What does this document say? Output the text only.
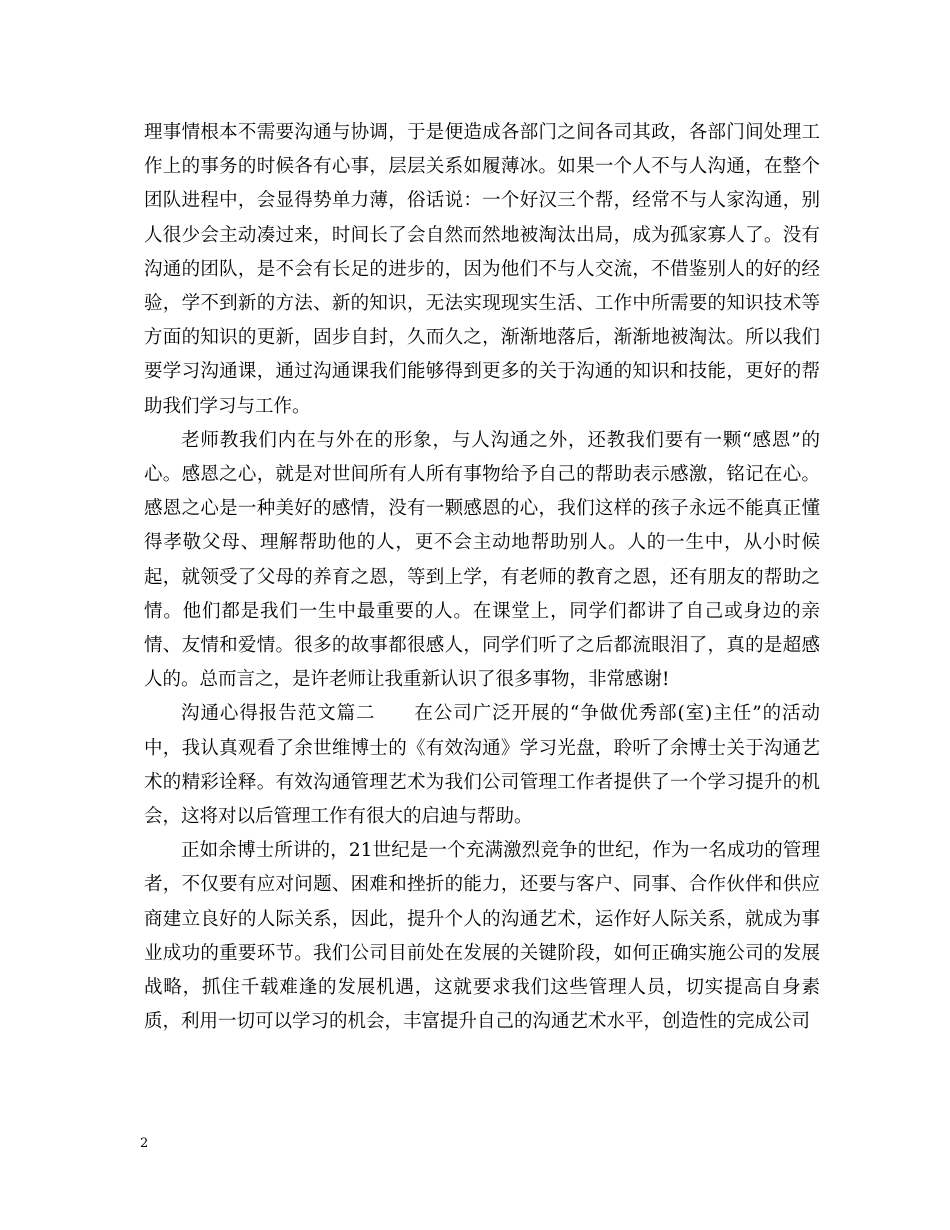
理事情根本不需要沟通与协调，于是便造成各部门之间各司其政，各部门间处理工作上的事务的时候各有心事，层层关系如履薄冰。如果一个人不与人沟通，在整个团队进程中，会显得势单力薄，俗话说：一个好汉三个帮，经常不与人家沟通，别人很少会主动凑过来，时间长了会自然而然地被淘汰出局，成为孤家寡人了。没有沟通的团队，是不会有长足的进步的，因为他们不与人交流，不借鉴别人的好的经验，学不到新的方法、新的知识，无法实现现实生活、工作中所需要的知识技术等方面的知识的更新，固步自封，久而久之，渐渐地落后，渐渐地被淘汰。所以我们要学习沟通课，通过沟通课我们能够得到更多的关于沟通的知识和技能，更好的帮助我们学习与工作。

老师教我们内在与外在的形象，与人沟通之外，还教我们要有一颗“感恩”的心。感恩之心，就是对世间所有人所有事物给予自己的帮助表示感激，铭记在心。感恩之心是一种美好的感情，没有一颗感恩的心，我们这样的孩子永远不能真正懂得孝敬父母、理解帮助他的人，更不会主动地帮助别人。人的一生中，从小时候起，就领受了父母的养育之恩，等到上学，有老师的教育之恩，还有朋友的帮助之情。他们都是我们一生中最重要的人。在课堂上，同学们都讲了自己或身边的亲情、友情和爱情。很多的故事都很感人，同学们听了之后都流眼泪了，真的是超感人的。总而言之，是许老师让我重新认识了很多事物，非常感谢!

沟通心得报告范文篇二　　在公司广泛开展的“争做优秀部(室)主任”的活动中，我认真观看了余世维博士的《有效沟通》学习光盘，聆听了余博士关于沟通艺术的精彩诠释。有效沟通管理艺术为我们公司管理工作者提供了一个学习提升的机会，这将对以后管理工作有很大的启迪与帮助。

正如余博士所讲的，21世纪是一个充满激烈竞争的世纪，作为一名成功的管理者，不仅要有应对问题、困难和挫折的能力，还要与客户、同事、合作伙伴和供应商建立良好的人际关系，因此，提升个人的沟通艺术，运作好人际关系，就成为事业成功的重要环节。我们公司目前处在发展的关键阶段，如何正确实施公司的发展战略，抓住千载难逢的发展机遇，这就要求我们这些管理人员，切实提高自身素质，利用一切可以学习的机会，丰富提升自己的沟通艺术水平，创造性的完成公司

2
